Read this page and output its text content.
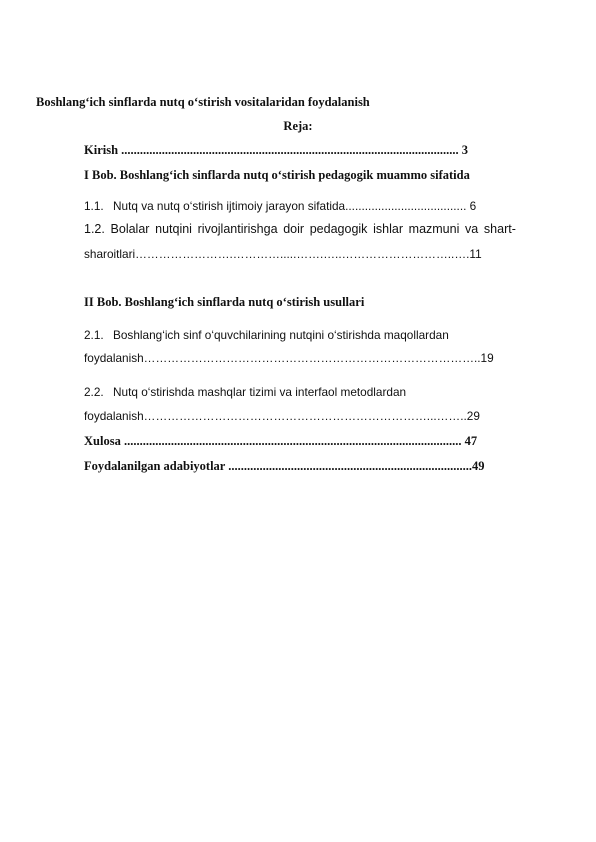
Boshlang‘ich sinflarda nutq o‘stirish vositalaridan foydalanish
Reja:
Kirish ............................................................................................................ 3
I Bob. Boshlang‘ich sinflarda nutq o‘stirish pedagogik muammo sifatida
1.1. Nutq va nutq o‘stirish ijtimoiy jarayon sifatida..................................... 6
1.2. Bolalar nutqini rivojlantirishga doir pedagogik ishlar mazmuni va shart-
sharoitlari…………………….………….....…….…..………………………..….11
II Bob. Boshlang‘ich sinflarda nutq o‘stirish usullari
2.1. Boshlang‘ich sinf o‘quvchilarining nutqini o‘stirishda maqollardan
foydalanish…………………………………………………………………………..19
2.2. Nutq o‘stirishda mashqlar tizimi va interfaol metodlardan
foydalanish………………………………………………………………...……..29
Xulosa ............................................................................................................ 47
Foydalanilgan adabiyotlar ..............................................................................49
